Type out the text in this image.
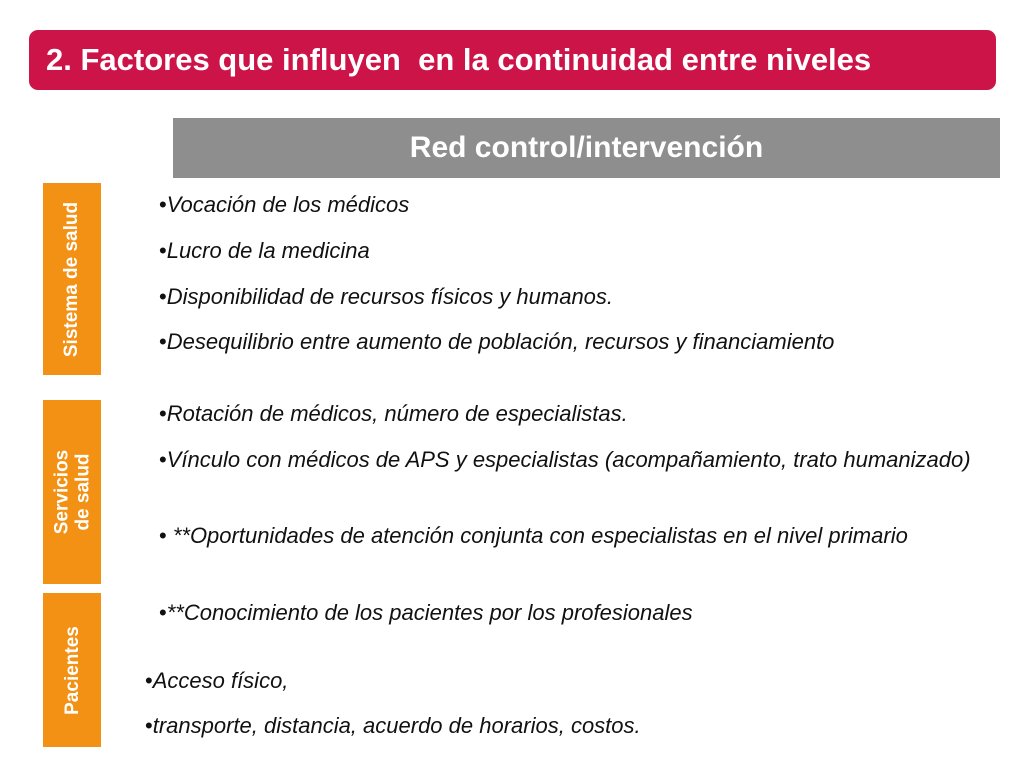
2. Factores que influyen  en la continuidad entre niveles
Red control/intervención
Sistema de salud
Servicios de salud
Pacientes
• Vocación de los médicos
• Lucro de la medicina
• Disponibilidad de recursos físicos y humanos.
• Desequilibrio entre aumento de población, recursos y financiamiento
• Rotación de médicos, número de especialistas.
• Vínculo con médicos de APS y especialistas (acompañamiento, trato humanizado)
• **Oportunidades de atención conjunta con especialistas en el nivel primario
• **Conocimiento de los pacientes por los profesionales
• Acceso físico,
• transporte, distancia, acuerdo de horarios, costos.
